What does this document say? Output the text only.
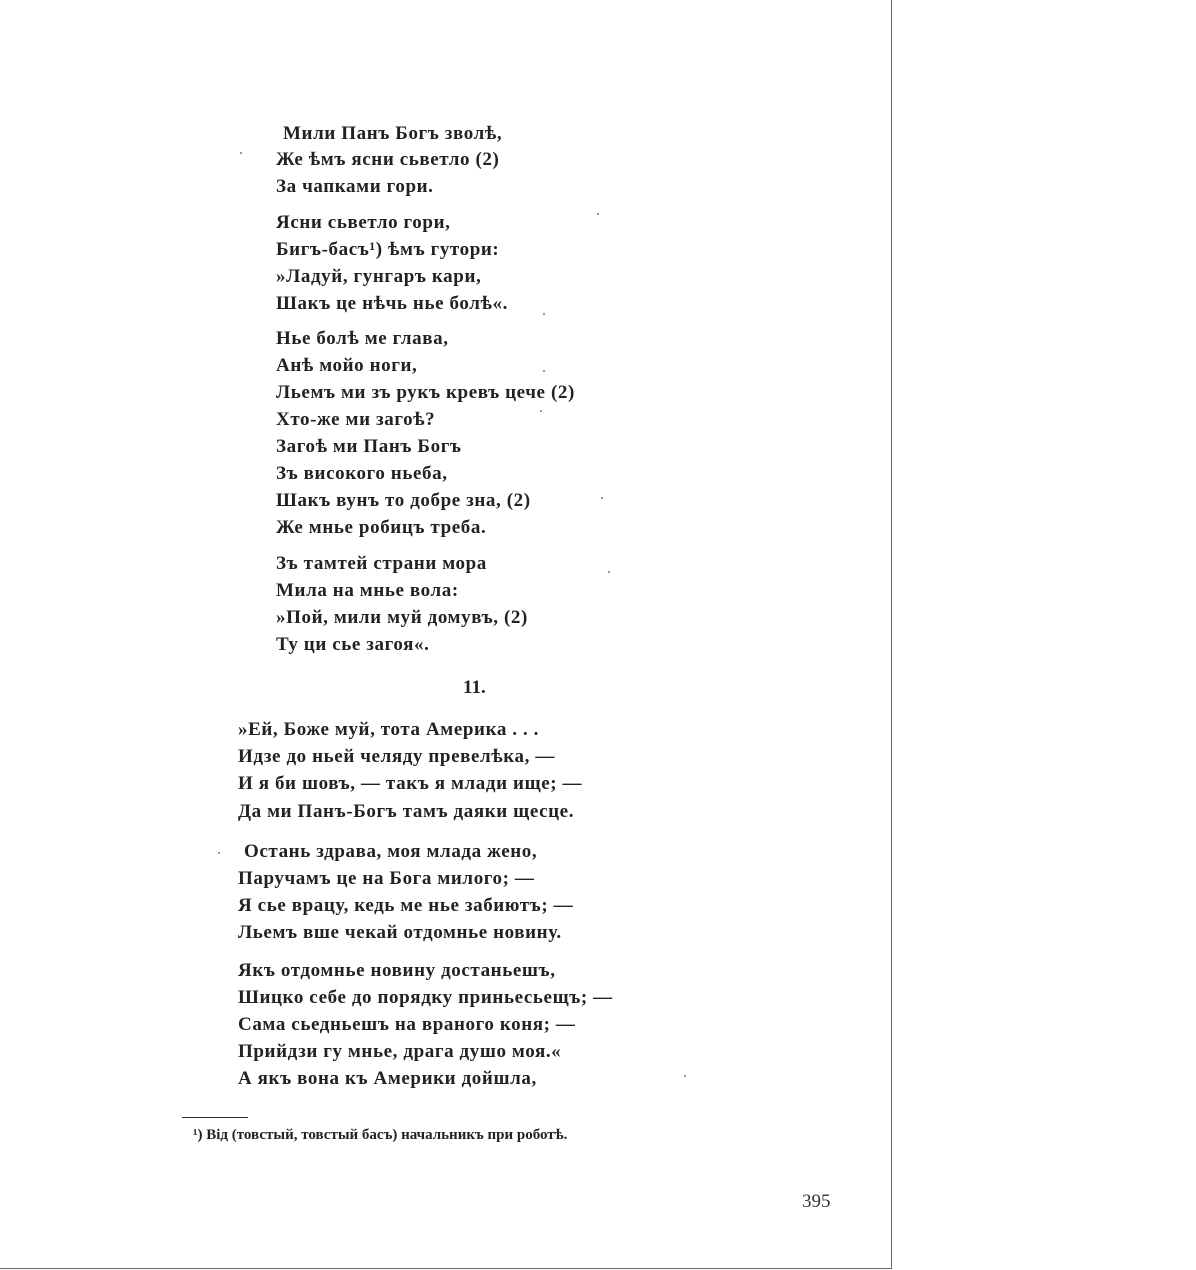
Мили Панъ Богъ зволѣ,
Же ѣмъ ясни сьветло (2)
За чапками гори.
Ясни сьветло гори,
Бигъ-басъ¹) ѣмъ гутори:
»Ладуй, гунгаръ кари,
Шакъ це нѣчь нье болѣ«.
Нье болѣ ме глава,
Анѣ мойо ноги,
Льемъ ми зъ рукъ кревъ цече (2)
Хто-же ми загоѣ?
Загоѣ ми Панъ Богъ
Зъ високого ньеба,
Шакъ вунъ то добре зна, (2)
Же мнье робицъ треба.
Зъ тамтей страни мора
Мила на мнье вола:
»Пой, мили муй домувъ, (2)
Ту ци сье загоя«.
11.
»Ей, Боже муй, тота Америка . . .
Идзе до ньей челяду превелѣка, —
И я би шовъ, — такъ я млади ище; —
Да ми Панъ-Богъ тамъ даяки щесце.
Остань здрава, моя млада жено,
Паручамъ це на Бога милого; —
Я сье врацу, кедь ме нье забиютъ; —
Льемъ вше чекай отдомнье новину.
Якъ отдомнье новину достаньешъ,
Шицко себе до порядку приньесьещъ; —
Сама сьедньешъ на враного коня; —
Прийдзи гу мнье, драга душо моя.«
А якъ вона къ Америки дойшла,
¹) Від (товстый, товстый басъ) начальникъ при роботѣ.
395
